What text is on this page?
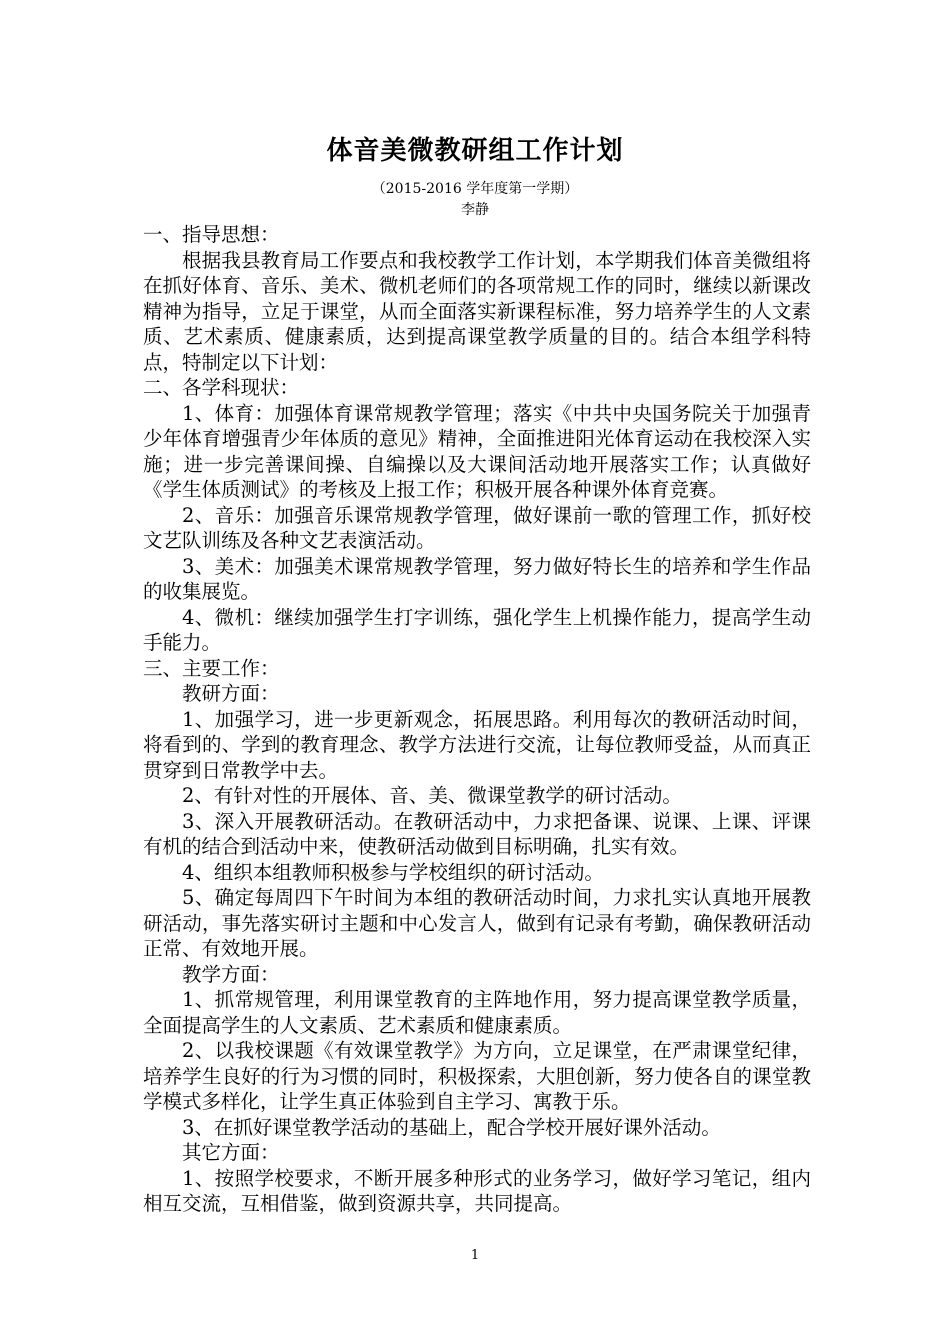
体音美微教研组工作计划
（2015-2016 学年度第一学期）
李静

一、指导思想：

根据我县教育局工作要点和我校教学工作计划，本学期我们体音美微组将在抓好体育、音乐、美术、微机老师们的各项常规工作的同时，继续以新课改精神为指导，立足于课堂，从而全面落实新课程标准，努力培养学生的人文素质、艺术素质、健康素质，达到提高课堂教学质量的目的。结合本组学科特点，特制定以下计划：

二、各学科现状：

1、体育：加强体育课常规教学管理；落实《中共中央国务院关于加强青少年体育增强青少年体质的意见》精神，全面推进阳光体育运动在我校深入实施；进一步完善课间操、自编操以及大课间活动地开展落实工作；认真做好《学生体质测试》的考核及上报工作；积极开展各种课外体育竞赛。

2、音乐：加强音乐课常规教学管理，做好课前一歌的管理工作，抓好校文艺队训练及各种文艺表演活动。

3、美术：加强美术课常规教学管理，努力做好特长生的培养和学生作品的收集展览。

4、微机：继续加强学生打字训练，强化学生上机操作能力，提高学生动手能力。

三、主要工作：

教研方面：

1、加强学习，进一步更新观念，拓展思路。利用每次的教研活动时间，将看到的、学到的教育理念、教学方法进行交流，让每位教师受益，从而真正贯穿到日常教学中去。

2、有针对性的开展体、音、美、微课堂教学的研讨活动。

3、深入开展教研活动。在教研活动中，力求把备课、说课、上课、评课有机的结合到活动中来，使教研活动做到目标明确，扎实有效。

4、组织本组教师积极参与学校组织的研讨活动。

5、确定每周四下午时间为本组的教研活动时间，力求扎实认真地开展教研活动，事先落实研讨主题和中心发言人，做到有记录有考勤，确保教研活动正常、有效地开展。

教学方面：

1、抓常规管理，利用课堂教育的主阵地作用，努力提高课堂教学质量，全面提高学生的人文素质、艺术素质和健康素质。

2、以我校课题《有效课堂教学》为方向，立足课堂，在严肃课堂纪律，培养学生良好的行为习惯的同时，积极探索，大胆创新，努力使各自的课堂教学模式多样化，让学生真正体验到自主学习、寓教于乐。

3、在抓好课堂教学活动的基础上，配合学校开展好课外活动。

其它方面：

1、按照学校要求，不断开展多种形式的业务学习，做好学习笔记，组内相互交流，互相借鉴，做到资源共享，共同提高。

1
